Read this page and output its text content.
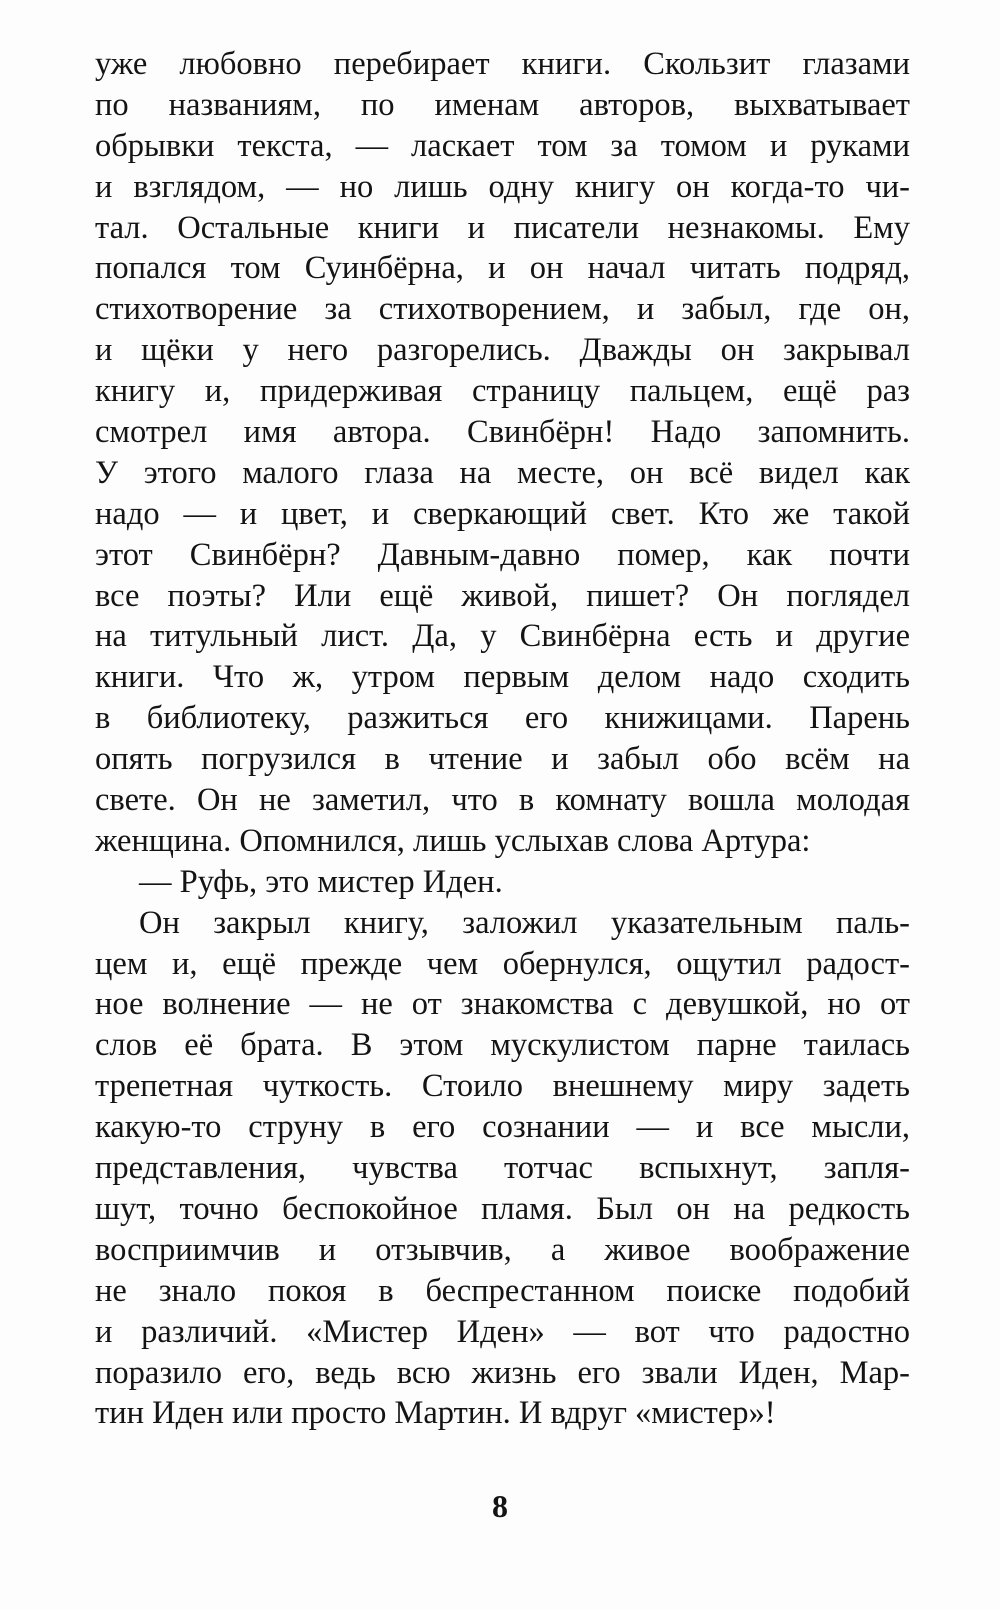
уже любовно перебирает книги. Скользит глазами
по названиям, по именам авторов, выхватывает
обрывки текста, — ласкает том за томом и руками
и взглядом, — но лишь одну книгу он когда-то чи-
тал. Остальные книги и писатели незнакомы. Ему
попался том Суинбёрна, и он начал читать подряд,
стихотворение за стихотворением, и забыл, где он,
и щёки у него разгорелись. Дважды он закрывал
книгу и, придерживая страницу пальцем, ещё раз
смотрел имя автора. Свинбёрн! Надо запомнить.
У этого малого глаза на месте, он всё видел как
надо — и цвет, и сверкающий свет. Кто же такой
этот Свинбёрн? Давным-давно помер, как почти
все поэты? Или ещё живой, пишет? Он поглядел
на титульный лист. Да, у Свинбёрна есть и другие
книги. Что ж, утром первым делом надо сходить
в библиотеку, разжиться его книжицами. Парень
опять погрузился в чтение и забыл обо всём на
свете. Он не заметил, что в комнату вошла молодая
женщина. Опомнился, лишь услыхав слова Артура:
— Руфь, это мистер Иден.
Он закрыл книгу, заложил указательным паль-
цем и, ещё прежде чем обернулся, ощутил радост-
ное волнение — не от знакомства с девушкой, но от
слов её брата. В этом мускулистом парне таилась
трепетная чуткость. Стоило внешнему миру задеть
какую-то струну в его сознании — и все мысли,
представления, чувства тотчас вспыхнут, запля-
шут, точно беспокойное пламя. Был он на редкость
восприимчив и отзывчив, а живое воображение
не знало покоя в беспрестанном поиске подобий
и различий. «Мистер Иден» — вот что радостно
поразило его, ведь всю жизнь его звали Иден, Мар-
тин Иден или просто Мартин. И вдруг «мистер»!
8
